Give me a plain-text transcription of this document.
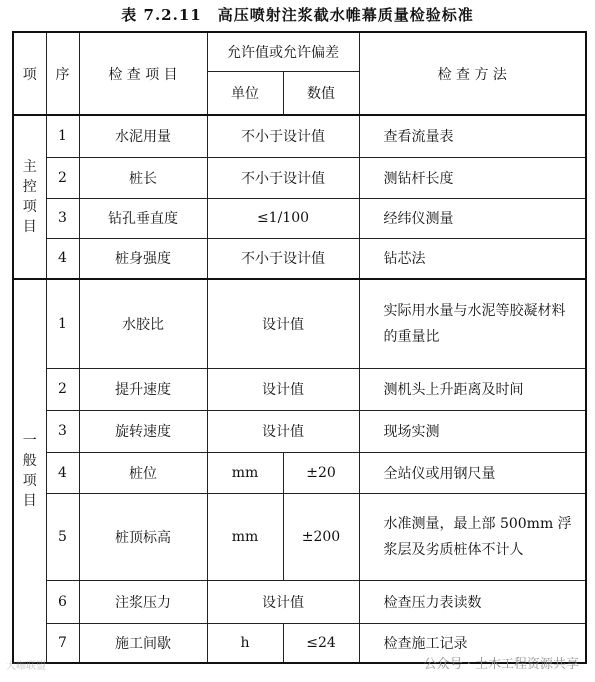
表 7.2.11　高压喷射注浆截水帷幕质量检验标准
项	序	检 查 项 目	允许值或允许偏差		检 查 方 法
			单位	数值	

主
控
项
目	1	水泥用量	不小于设计值		查看流量表
	2	桩长	不小于设计值		测钻杆长度
	3	钻孔垂直度	≤1/100		经纬仪测量
	4	桩身强度	不小于设计值		钻芯法

一
般
项
目	1	水胶比	设计值		实际用水量与水泥等胶凝材料的重量比
	2	提升速度	设计值		测机头上升距离及时间
	3	旋转速度	设计值		现场实测
	4	桩位	mm	±20	全站仪或用钢尺量
	5	桩顶标高	mm	±200	水准测量，最上部 500mm 浮浆层及劣质桩体不计人
	6	注浆压力	设计值		检查压力表读数
	7	施工间歇	h	≤24	检查施工记录
大咖联盟	公众号 · 土木工程资源共享
